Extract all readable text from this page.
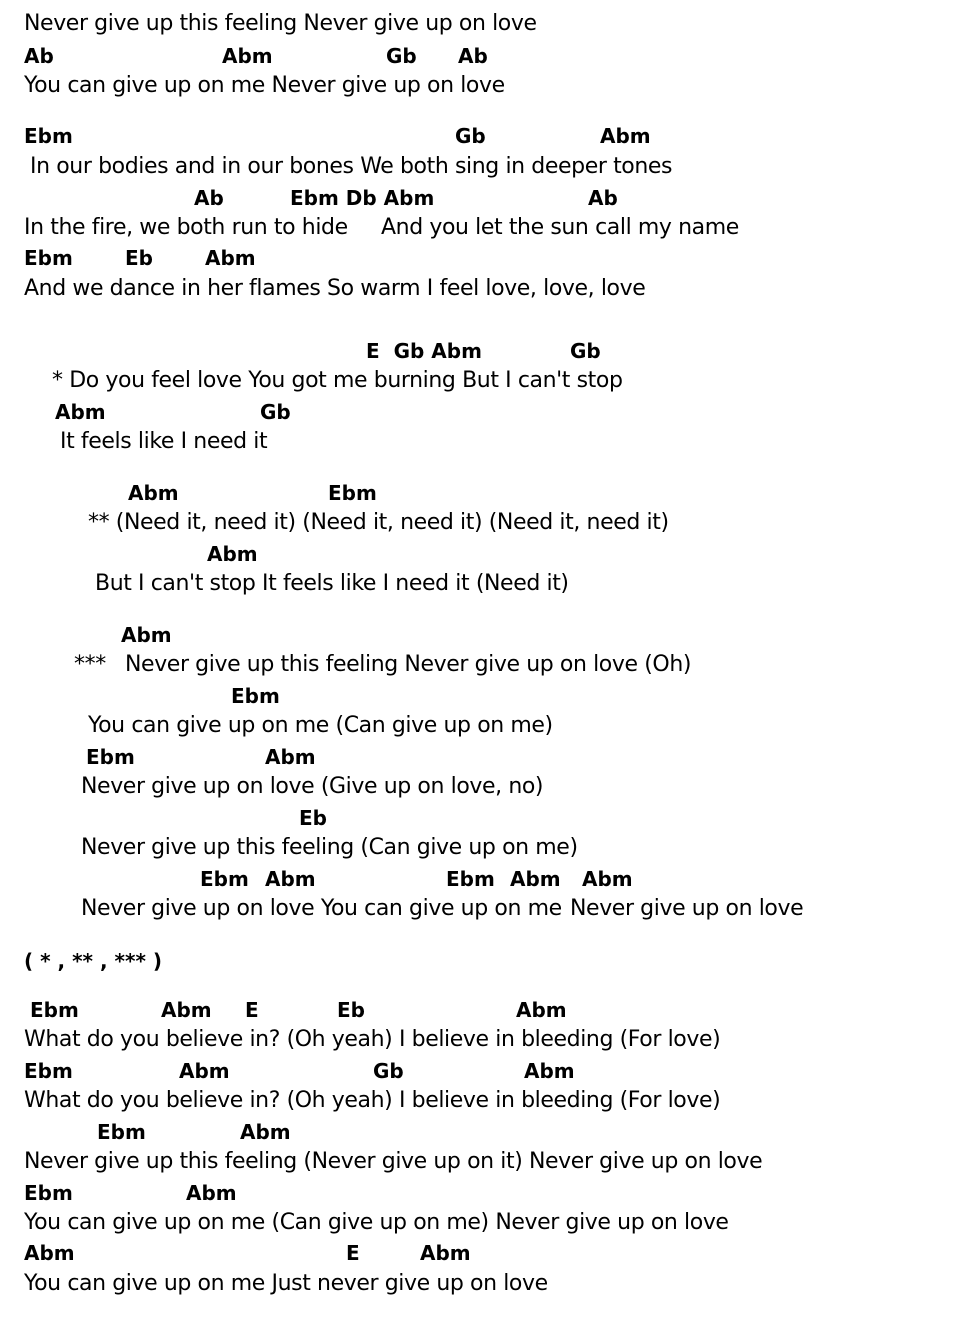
Never give up this feeling Never give up on love
Ab	Abm	Gb Ab
You can give up on me Never give up on love
Ebm	Gb	Abm
In our bodies and in our bones We both sing in deeper tones
Ab	Ebm Db Abm	Ab
In the fire, we both run to hide And you let the sun call my name
Ebm	Eb	Abm
And we dance in her flames So warm I feel love, love, love
E  Gb Abm	Gb
* Do you feel love You got me burning But I can't stop
Abm	Gb
It feels like I need it
Abm	Ebm
** (Need it, need it) (Need it, need it) (Need it, need it)
Abm
But I can't stop It feels like I need it (Need it)
Abm
*** Never give up this feeling Never give up on love (Oh)
Ebm
You can give up on me (Can give up on me)
Ebm	Abm
Never give up on love (Give up on love, no)
Eb
Never give up this feeling (Can give up on me)
Ebm Abm	Ebm Abm Abm
Never give up on love You can give up on me Never give up on love
( * , ** , *** )
Ebm	Abm E	Eb	Abm
What do you believe in? (Oh yeah) I believe in bleeding (For love)
Ebm	Abm	Gb	Abm
What do you believe in? (Oh yeah) I believe in bleeding (For love)
Ebm	Abm
Never give up this feeling (Never give up on it) Never give up on love
Ebm	Abm
You can give up on me (Can give up on me) Never give up on love
Abm	E	Abm
You can give up on me Just never give up on love
